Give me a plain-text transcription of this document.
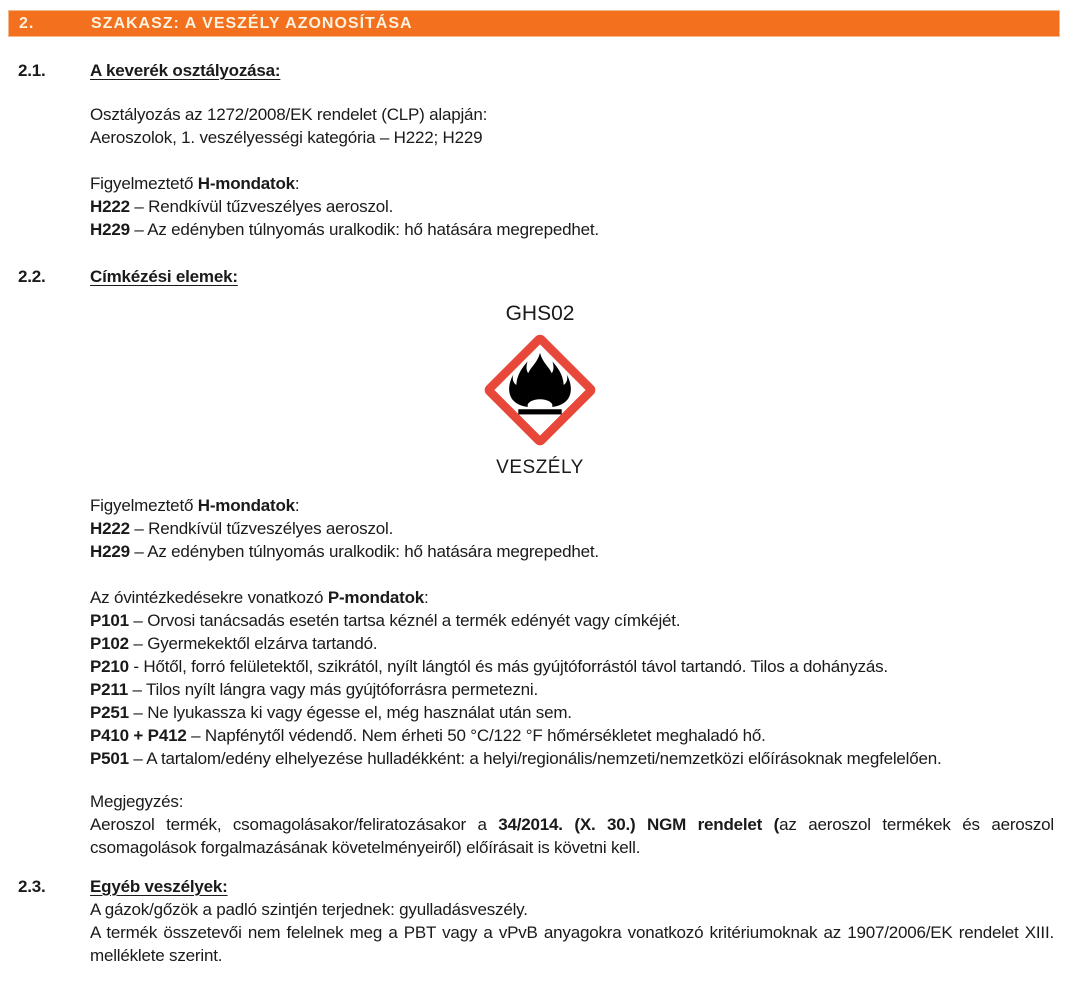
2.	SZAKASZ: A VESZÉLY AZONOSÍTÁSA
2.1.	A keverék osztályozása:

Osztályozás az 1272/2008/EK rendelet (CLP) alapján:

Aeroszolok, 1. veszélyességi kategória – H222; H229

Figyelmeztető H-mondatok:

H222 – Rendkívül tűzveszélyes aeroszol.

H229 – Az edényben túlnyomás uralkodik: hő hatására megrepedhet.

2.2.	Címkézési elemek:
GHS02
VESZÉLY

Figyelmeztető H-mondatok:

H222 – Rendkívül tűzveszélyes aeroszol.

H229 – Az edényben túlnyomás uralkodik: hő hatására megrepedhet.

Az óvintézkedésekre vonatkozó P-mondatok:

P101 – Orvosi tanácsadás esetén tartsa kéznél a termék edényét vagy címkéjét.

P102 – Gyermekektől elzárva tartandó.

P210 - Hőtől, forró felületektől, szikrától, nyílt lángtól és más gyújtóforrástól távol tartandó. Tilos a dohányzás.

P211 – Tilos nyílt lángra vagy más gyújtóforrásra permetezni.

P251 – Ne lyukassza ki vagy égesse el, még használat után sem.

P410 + P412 – Napfénytől védendő. Nem érheti 50 °C/122 °F hőmérsékletet meghaladó hő.

P501 – A tartalom/edény elhelyezése hulladékként: a helyi/regionális/nemzeti/nemzetközi előírásoknak megfelelően.

Megjegyzés:

Aeroszol termék, csomagolásakor/feliratozásakor a 34/2014. (X. 30.) NGM rendelet (az aeroszol termékek és aeroszol csomagolások forgalmazásának követelményeiről) előírásait is követni kell.

2.3.	Egyéb veszélyek:

A gázok/gőzök a padló szintjén terjednek: gyulladásveszély.

A termék összetevői nem felelnek meg a PBT vagy a vPvB anyagokra vonatkozó kritériumoknak az 1907/2006/EK rendelet XIII. melléklete szerint.
